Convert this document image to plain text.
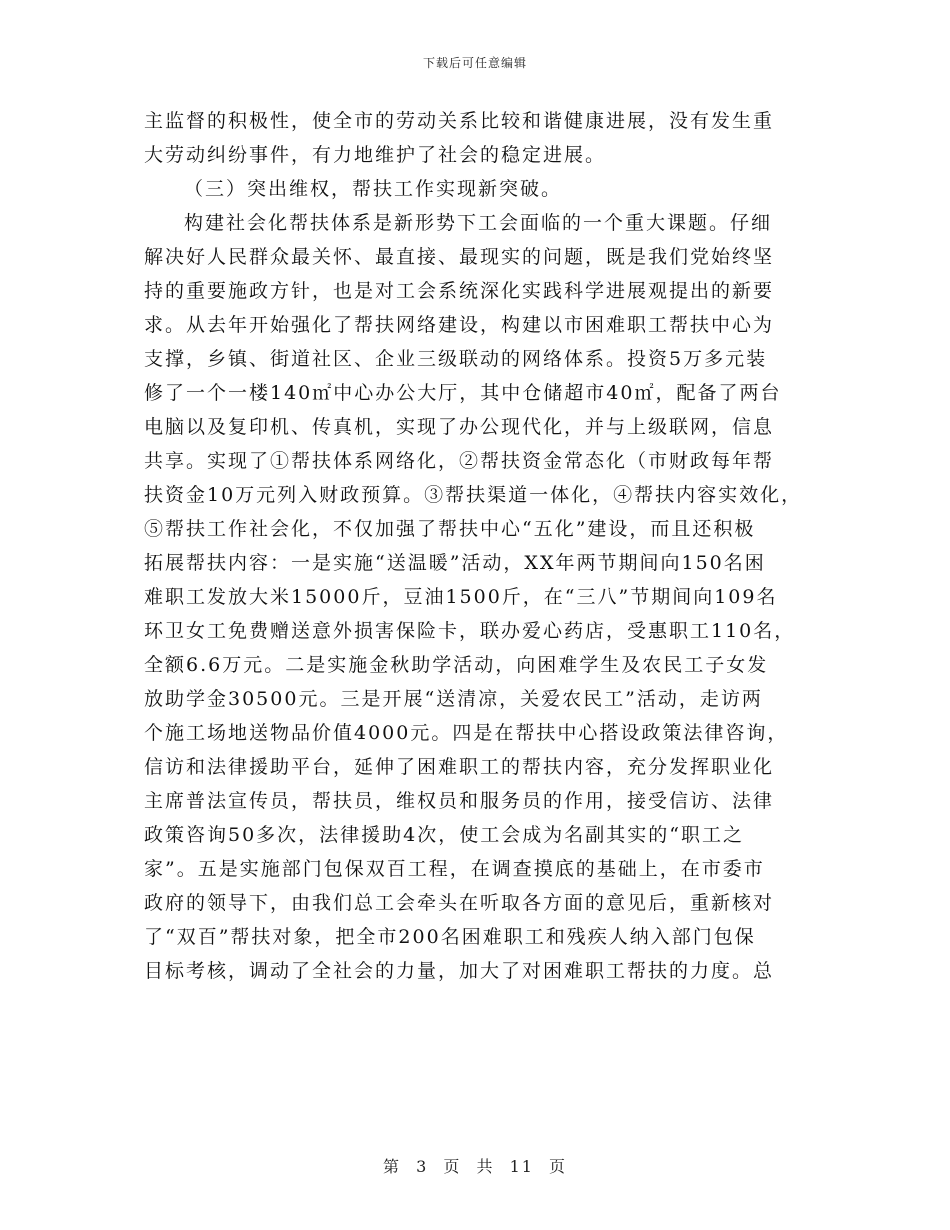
下载后可任意编辑
主监督的积极性，使全市的劳动关系比较和谐健康进展，没有发生重
大劳动纠纷事件，有力地维护了社会的稳定进展。
（三）突出维权，帮扶工作实现新突破。
构建社会化帮扶体系是新形势下工会面临的一个重大课题。仔细
解决好人民群众最关怀、最直接、最现实的问题，既是我们党始终坚
持的重要施政方针，也是对工会系统深化实践科学进展观提出的新要
求。从去年开始强化了帮扶网络建设，构建以市困难职工帮扶中心为
支撑，乡镇、街道社区、企业三级联动的网络体系。投资5万多元装
修了一个一楼140㎡中心办公大厅，其中仓储超市40㎡，配备了两台
电脑以及复印机、传真机，实现了办公现代化，并与上级联网，信息
共享。实现了①帮扶体系网络化，②帮扶资金常态化（市财政每年帮
扶资金10万元列入财政预算。③帮扶渠道一体化，④帮扶内容实效化，
⑤帮扶工作社会化，不仅加强了帮扶中心“五化”建设，而且还积极
拓展帮扶内容：一是实施“送温暖”活动，XX年两节期间向150名困
难职工发放大米15000斤，豆油1500斤，在“三八”节期间向109名
环卫女工免费赠送意外损害保险卡，联办爱心药店，受惠职工110名，
全额6.6万元。二是实施金秋助学活动，向困难学生及农民工子女发
放助学金30500元。三是开展“送清凉，关爱农民工”活动，走访两
个施工场地送物品价值4000元。四是在帮扶中心搭设政策法律咨询，
信访和法律援助平台，延伸了困难职工的帮扶内容，充分发挥职业化
主席普法宣传员，帮扶员，维权员和服务员的作用，接受信访、法律
政策咨询50多次，法律援助4次，使工会成为名副其实的“职工之
家”。五是实施部门包保双百工程，在调查摸底的基础上，在市委市
政府的领导下，由我们总工会牵头在听取各方面的意见后，重新核对
了“双百”帮扶对象，把全市200名困难职工和残疾人纳入部门包保
目标考核，调动了全社会的力量，加大了对困难职工帮扶的力度。总
第 3 页 共 11 页
